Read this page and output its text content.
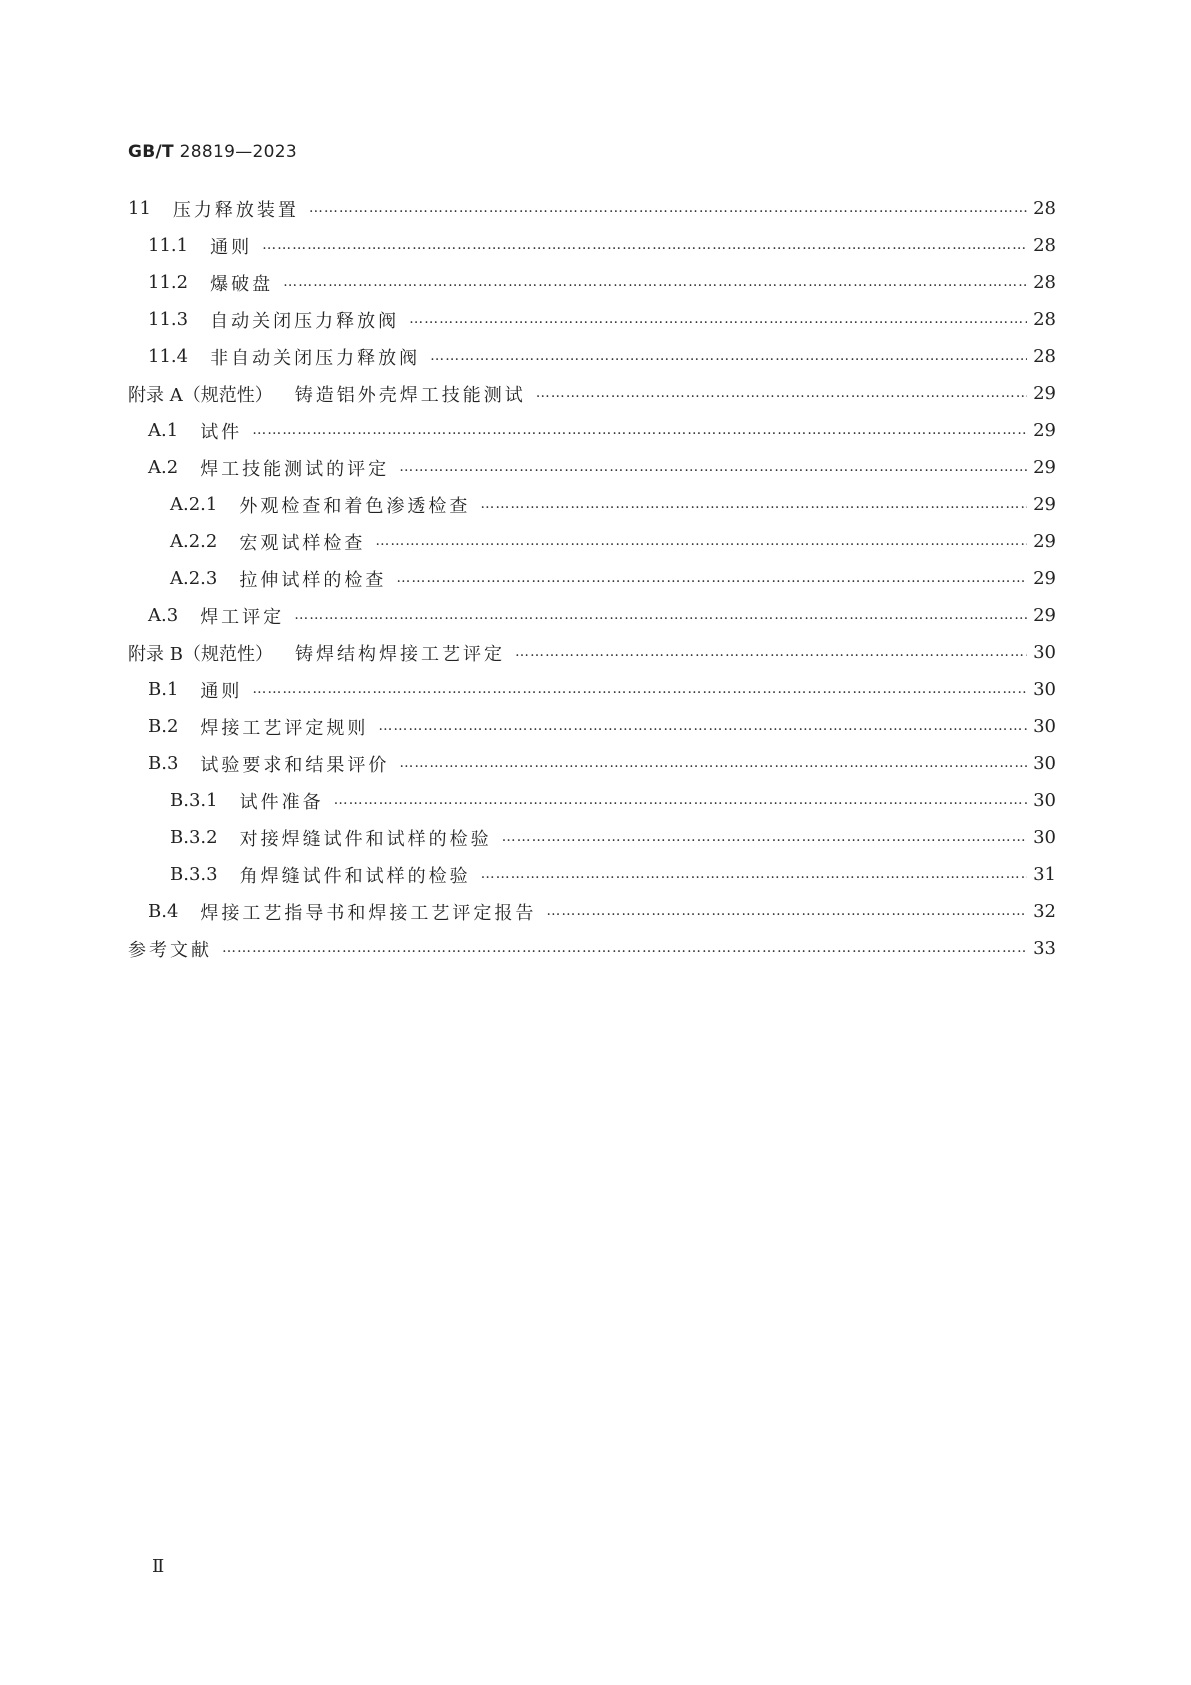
GB/T 28819—2023
11 压力释放装置 ………………………………………………………………………………………………………………………………………………………………………………………………………	28
11.1 通则 ………………………………………………………………………………………………………………………………………………………………………………………………………	28
11.2 爆破盘 ………………………………………………………………………………………………………………………………………………………………………………………………………	28
11.3 自动关闭压力释放阀 ………………………………………………………………………………………………………………………………………………………………………………………………………	28
11.4 非自动关闭压力释放阀 ………………………………………………………………………………………………………………………………………………………………………………………………………	28
附录 A（规范性） 铸造铝外壳焊工技能测试 ………………………………………………………………………………………………………………………………………………………………………………………………………	29
A.1 试件 ………………………………………………………………………………………………………………………………………………………………………………………………………	29
A.2 焊工技能测试的评定 ………………………………………………………………………………………………………………………………………………………………………………………………………	29
A.2.1 外观检查和着色渗透检查 ………………………………………………………………………………………………………………………………………………………………………………………………………	29
A.2.2 宏观试样检查 ………………………………………………………………………………………………………………………………………………………………………………………………………	29
A.2.3 拉伸试样的检查 ………………………………………………………………………………………………………………………………………………………………………………………………………	29
A.3 焊工评定 ………………………………………………………………………………………………………………………………………………………………………………………………………	29
附录 B（规范性） 铸焊结构焊接工艺评定 ………………………………………………………………………………………………………………………………………………………………………………………………………	30
B.1 通则 ………………………………………………………………………………………………………………………………………………………………………………………………………	30
B.2 焊接工艺评定规则 ………………………………………………………………………………………………………………………………………………………………………………………………………	30
B.3 试验要求和结果评价 ………………………………………………………………………………………………………………………………………………………………………………………………………	30
B.3.1 试件准备 ………………………………………………………………………………………………………………………………………………………………………………………………………	30
B.3.2 对接焊缝试件和试样的检验 ………………………………………………………………………………………………………………………………………………………………………………………………………	30
B.3.3 角焊缝试件和试样的检验 ………………………………………………………………………………………………………………………………………………………………………………………………………	31
B.4 焊接工艺指导书和焊接工艺评定报告 ………………………………………………………………………………………………………………………………………………………………………………………………………	32
参考文献 ………………………………………………………………………………………………………………………………………………………………………………………………………	33
Ⅱ
